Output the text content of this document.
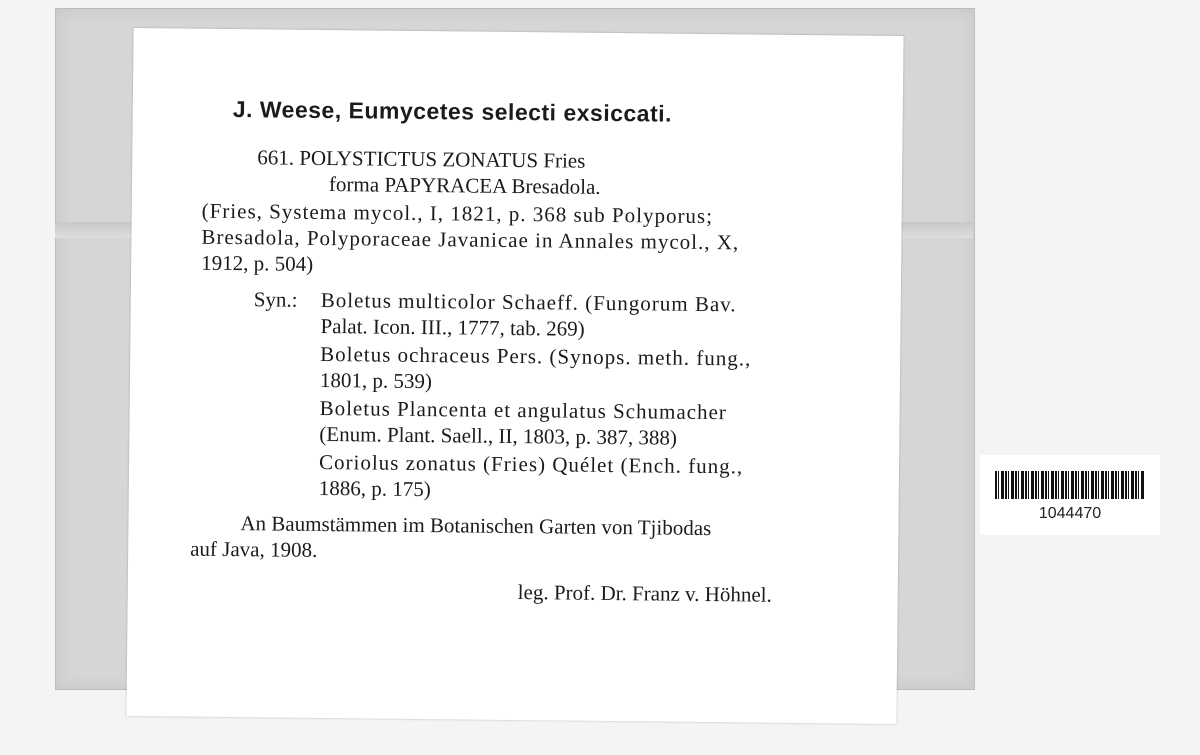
J. Weese, Eumycetes selecti exsiccati.
661. POLYSTICTUS ZONATUS Fries
forma PAPYRACEA Bresadola.
(Fries, Systema mycol., I, 1821, p. 368 sub Polyporus;
Bresadola, Polyporaceae Javanicae in Annales mycol., X,
1912, p. 504)
Syn.: Boletus multicolor Schaeff. (Fungorum Bav.
Palat. Icon. III., 1777, tab. 269)
Boletus ochraceus Pers. (Synops. meth. fung.,
1801, p. 539)
Boletus Plancenta et angulatus Schumacher
(Enum. Plant. Saell., II, 1803, p. 387, 388)
Coriolus zonatus (Fries) Quélet (Ench. fung.,
1886, p. 175)
An Baumstämmen im Botanischen Garten von Tjibodas
auf Java, 1908.
leg. Prof. Dr. Franz v. Höhnel.
1044470
